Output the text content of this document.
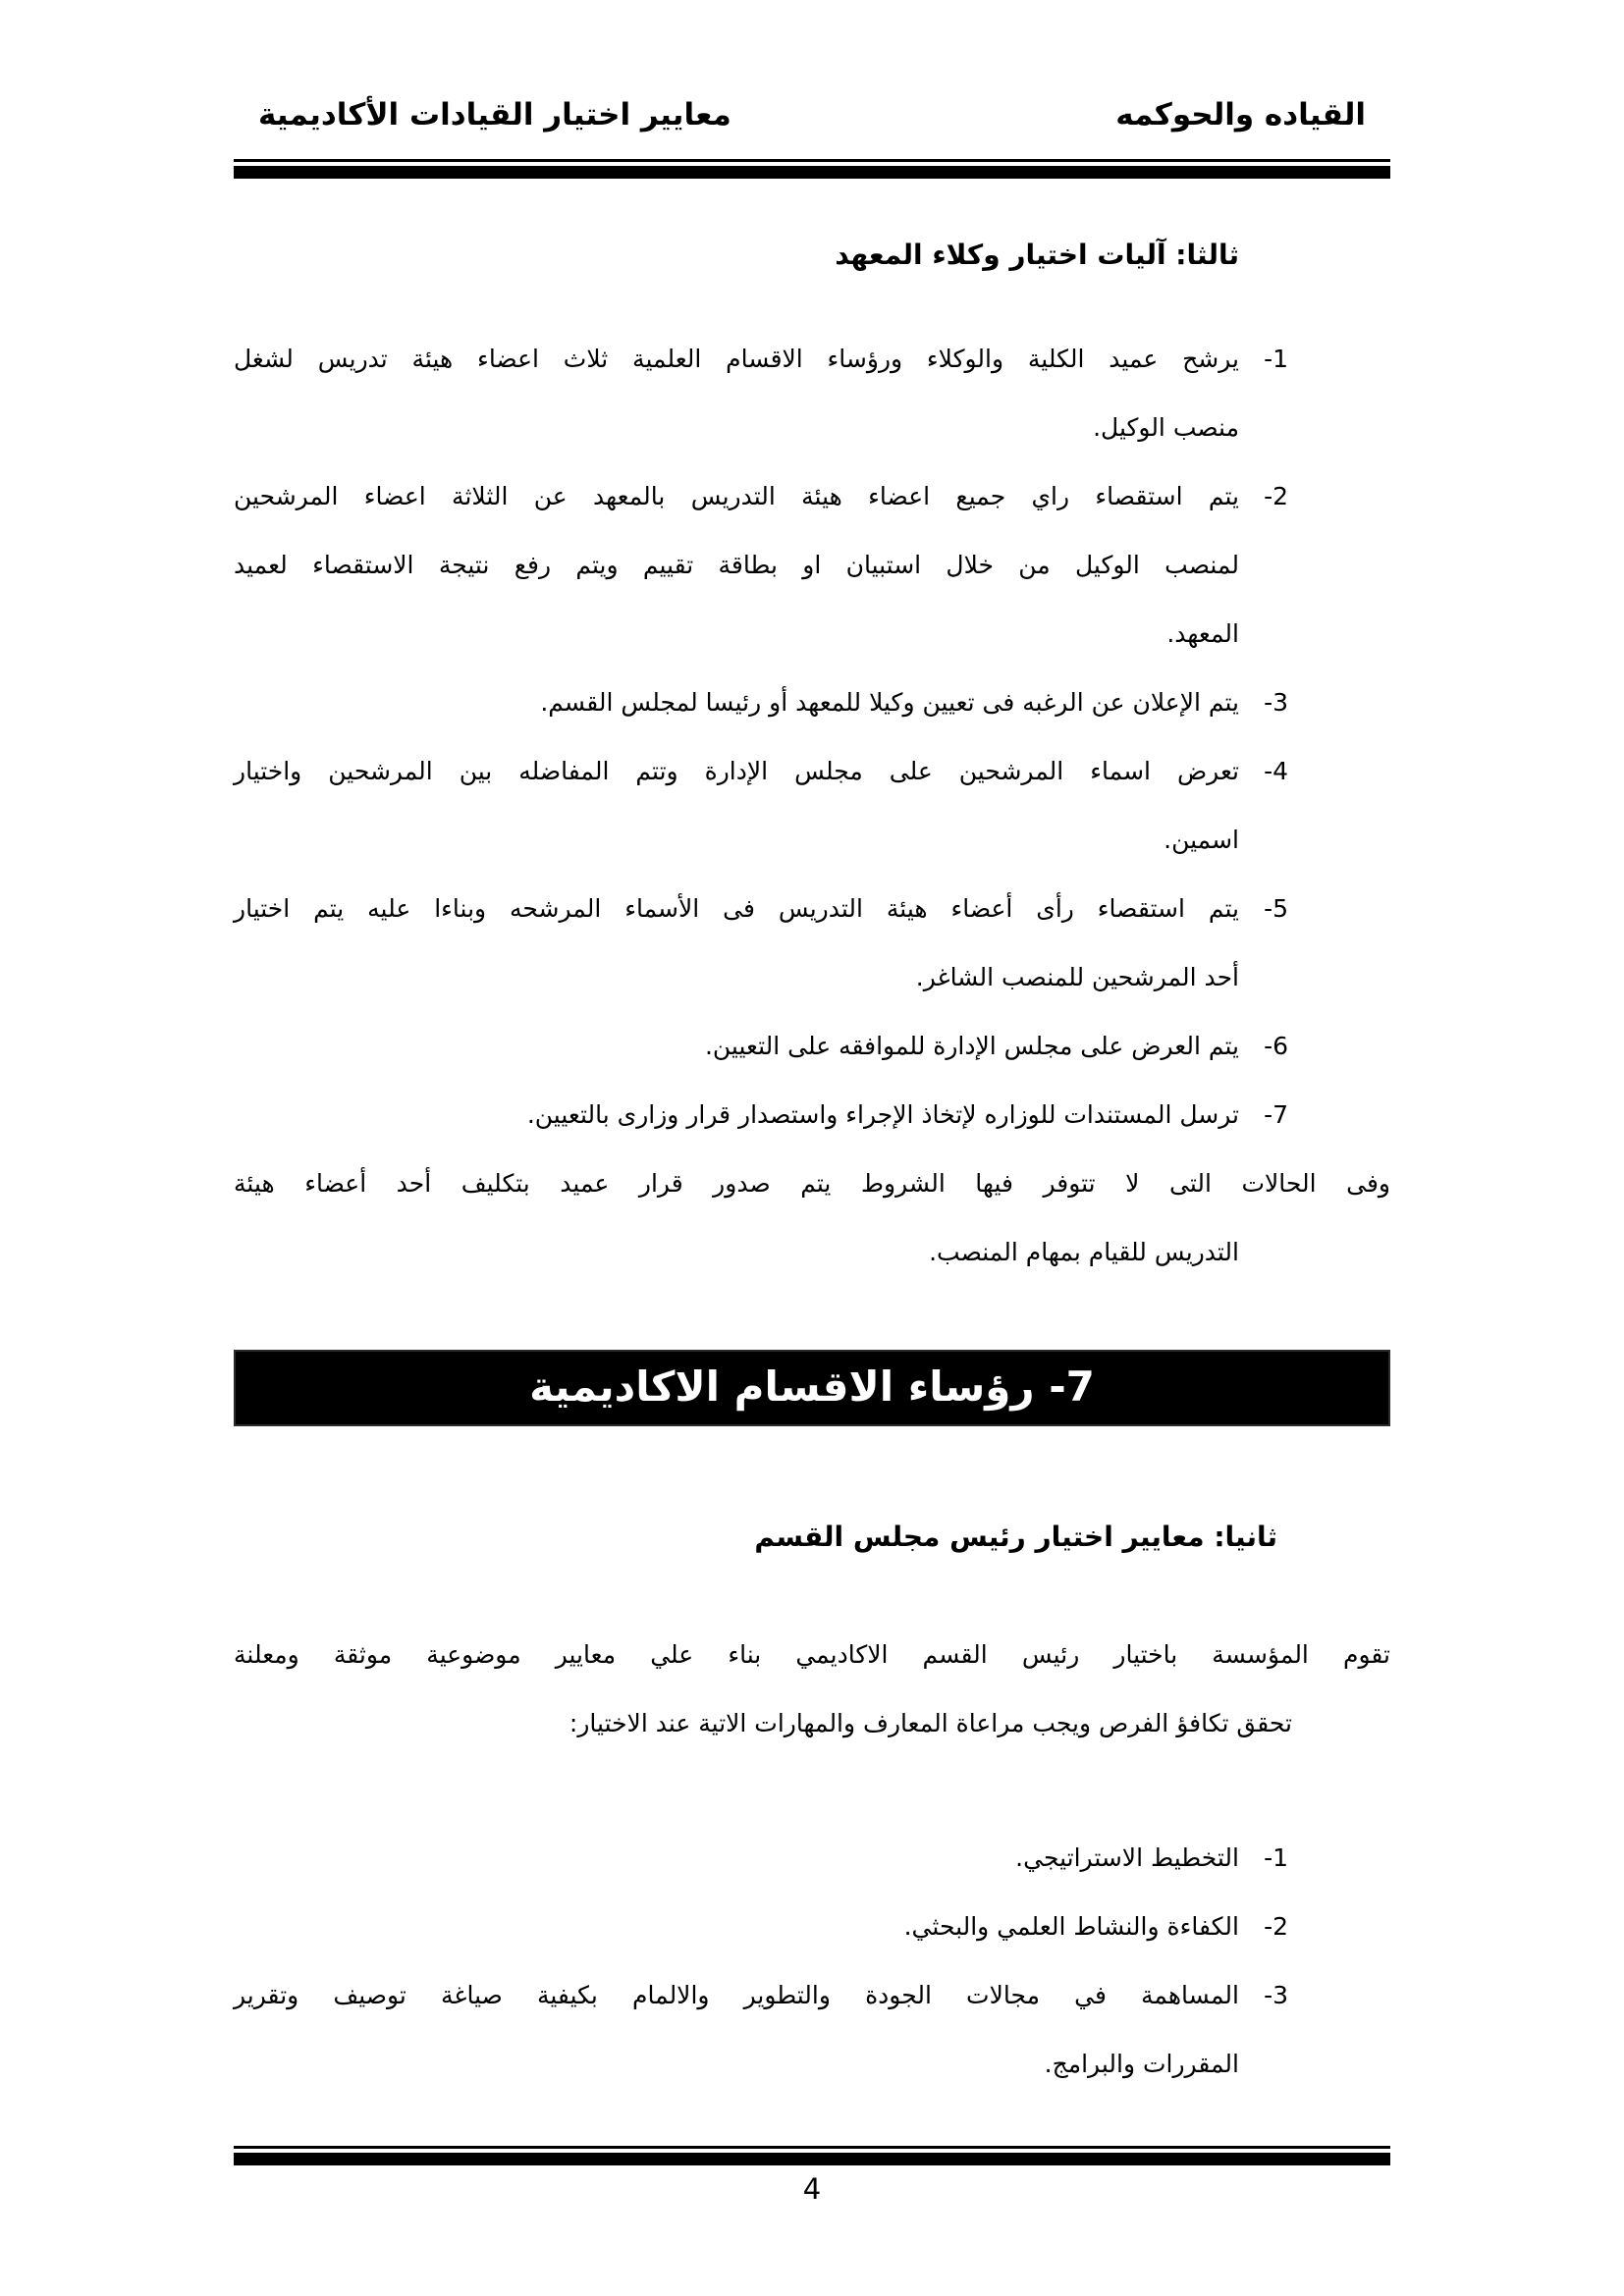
القياده والحوكمه
معايير اختيار القيادات الأكاديمية
ثالثا: آليات اختيار وكلاء المعهد
1-
يرشح عميد الكلية والوكلاء ورؤساء الاقسام العلمية ثلاث اعضاء هيئة تدريس لشغل
منصب الوكيل.
2-
يتم استقصاء راي جميع اعضاء هيئة التدريس بالمعهد عن الثلاثة اعضاء المرشحين
لمنصب الوكيل من خلال استبيان او بطاقة تقييم ويتم رفع نتيجة الاستقصاء لعميد
المعهد.
3-
يتم الإعلان عن الرغبه فى تعيين وكيلا للمعهد أو رئيسا لمجلس القسم.
4-
تعرض اسماء المرشحين على مجلس الإدارة وتتم المفاضله بين المرشحين واختيار
اسمين.
5-
يتم استقصاء رأى أعضاء هيئة التدريس فى الأسماء المرشحه وبناءا عليه يتم اختيار
أحد المرشحين للمنصب الشاغر.
6-
يتم العرض على مجلس الإدارة للموافقه على التعيين.
7-
ترسل المستندات للوزاره لإتخاذ الإجراء واستصدار قرار وزارى بالتعيين.
وفى الحالات التى لا تتوفر فيها الشروط يتم صدور قرار عميد بتكليف أحد أعضاء هيئة
التدريس للقيام بمهام المنصب.
7- رؤساء الاقسام الاكاديمية
ثانيا: معايير اختيار رئيس مجلس القسم
تقوم المؤسسة باختيار رئيس القسم الاكاديمي بناء علي معايير موضوعية موثقة ومعلنة
تحقق تكافؤ الفرص ويجب مراعاة المعارف والمهارات الاتية عند الاختيار:
1-
التخطيط الاستراتيجي.
2-
الكفاءة والنشاط العلمي والبحثي.
3-
المساهمة في مجالات الجودة والتطوير والالمام بكيفية صياغة توصيف وتقرير
المقررات والبرامج.
4
